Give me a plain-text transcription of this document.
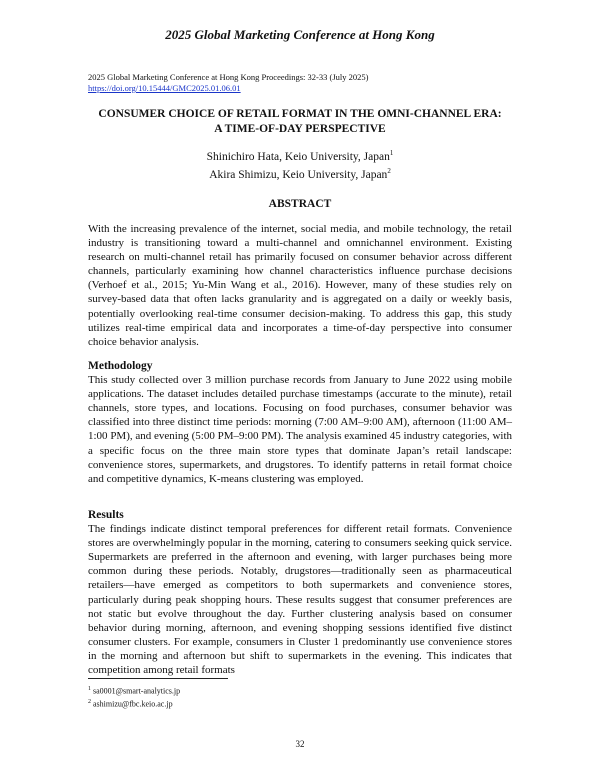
2025 Global Marketing Conference at Hong Kong
2025 Global Marketing Conference at Hong Kong Proceedings: 32-33 (July 2025)
https://doi.org/10.15444/GMC2025.01.06.01
CONSUMER CHOICE OF RETAIL FORMAT IN THE OMNI-CHANNEL ERA:
A TIME-OF-DAY PERSPECTIVE
Shinichiro Hata, Keio University, Japan$^1$
Akira Shimizu, Keio University, Japan$^2$
ABSTRACT
With the increasing prevalence of the internet, social media, and mobile technology, the retail industry is transitioning toward a multi-channel and omnichannel environment. Existing research on multi-channel retail has primarily focused on consumer behavior across different channels, particularly examining how channel characteristics influence purchase decisions (Verhoef et al., 2015; Yu-Min Wang et al., 2016). However, many of these studies rely on survey-based data that often lacks granularity and is aggregated on a daily or weekly basis, potentially overlooking real-time consumer decision-making. To address this gap, this study utilizes real-time empirical data and incorporates a time-of-day perspective into consumer choice behavior analysis.
Methodology
This study collected over 3 million purchase records from January to June 2022 using mobile applications. The dataset includes detailed purchase timestamps (accurate to the minute), retail channels, store types, and locations. Focusing on food purchases, consumer behavior was classified into three distinct time periods: morning (7:00 AM–9:00 AM), afternoon (11:00 AM–1:00 PM), and evening (5:00 PM–9:00 PM). The analysis examined 45 industry categories, with a specific focus on the three main store types that dominate Japan’s retail landscape: convenience stores, supermarkets, and drugstores. To identify patterns in retail format choice and competitive dynamics, K-means clustering was employed.
Results
The findings indicate distinct temporal preferences for different retail formats. Convenience stores are overwhelmingly popular in the morning, catering to consumers seeking quick service. Supermarkets are preferred in the afternoon and evening, with larger purchases being more common during these periods. Notably, drugstores—traditionally seen as pharmaceutical retailers—have emerged as competitors to both supermarkets and convenience stores, particularly during peak shopping hours. These results suggest that consumer preferences are not static but evolve throughout the day. Further clustering analysis based on consumer behavior during morning, afternoon, and evening shopping sessions identified five distinct consumer clusters. For example, consumers in Cluster 1 predominantly use convenience stores in the morning and afternoon but shift to supermarkets in the evening. This indicates that competition among retail formats
$^1$ sa0001@smart-analytics.jp
$^2$ ashimizu@fbc.keio.ac.jp
32
